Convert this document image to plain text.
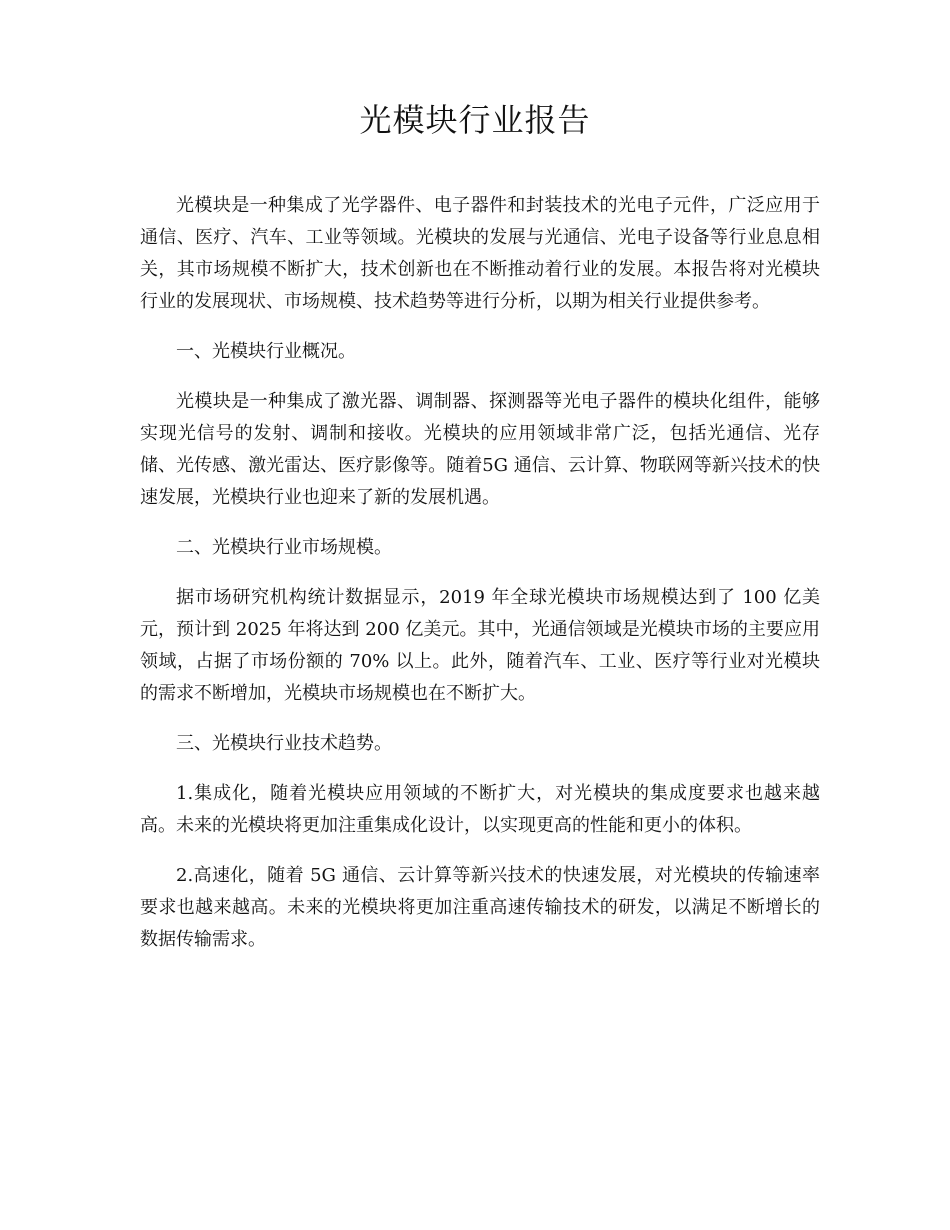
光模块行业报告

光模块是一种集成了光学器件、电子器件和封装技术的光电子元件，广泛应用于通信、医疗、汽车、工业等领域。光模块的发展与光通信、光电子设备等行业息息相关，其市场规模不断扩大，技术创新也在不断推动着行业的发展。本报告将对光模块行业的发展现状、市场规模、技术趋势等进行分析，以期为相关行业提供参考。

一、光模块行业概况。

光模块是一种集成了激光器、调制器、探测器等光电子器件的模块化组件，能够实现光信号的发射、调制和接收。光模块的应用领域非常广泛，包括光通信、光存储、光传感、激光雷达、医疗影像等。随着5G 通信、云计算、物联网等新兴技术的快速发展，光模块行业也迎来了新的发展机遇。

二、光模块行业市场规模。

据市场研究机构统计数据显示，2019 年全球光模块市场规模达到了 100 亿美元，预计到 2025 年将达到 200 亿美元。其中，光通信领域是光模块市场的主要应用领域，占据了市场份额的 70% 以上。此外，随着汽车、工业、医疗等行业对光模块的需求不断增加，光模块市场规模也在不断扩大。

三、光模块行业技术趋势。

1.集成化，随着光模块应用领域的不断扩大，对光模块的集成度要求也越来越高。未来的光模块将更加注重集成化设计，以实现更高的性能和更小的体积。

2.高速化，随着 5G 通信、云计算等新兴技术的快速发展，对光模块的传输速率要求也越来越高。未来的光模块将更加注重高速传输技术的研发，以满足不断增长的数据传输需求。
